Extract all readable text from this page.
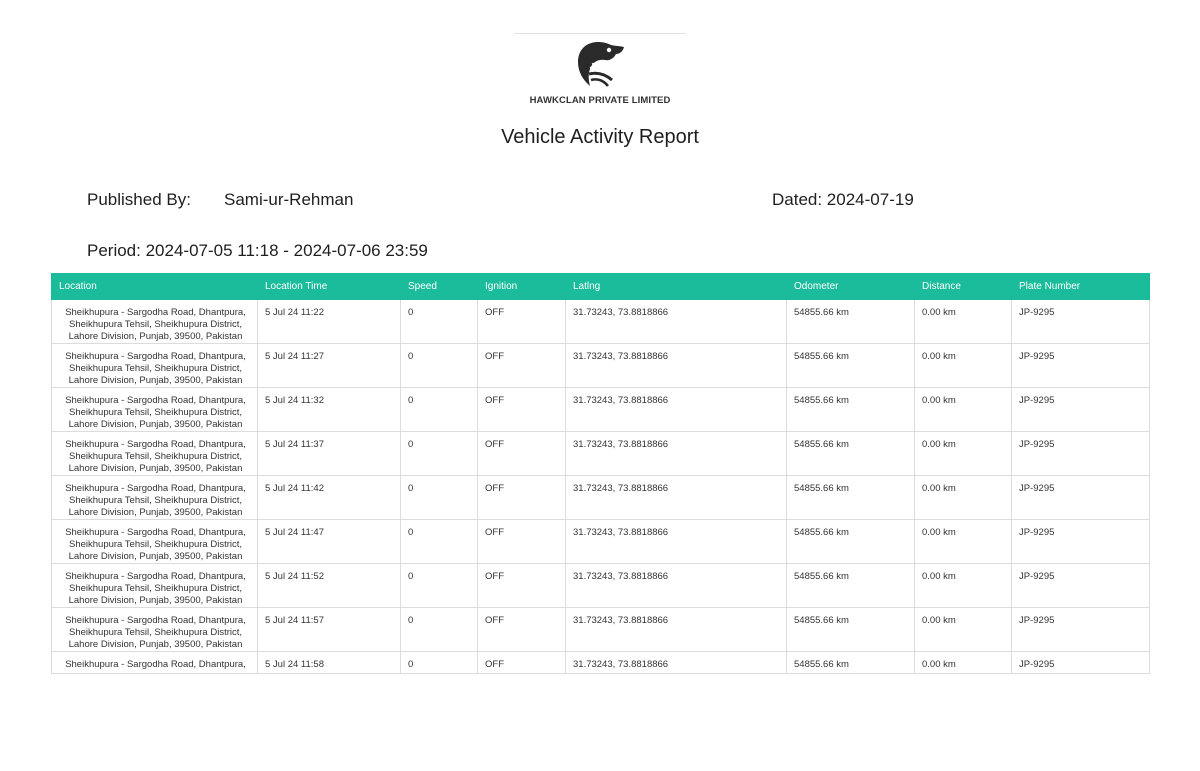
HAWKCLAN PRIVATE LIMITED
Vehicle Activity Report
Published By: Sami-ur-Rehman	Dated: 2024-07-19
Period: 2024-07-05 11:18 - 2024-07-06 23:59
Location	Location Time	Speed	Ignition	Latlng	Odometer	Distance	Plate Number
Sheikhupura - Sargodha Road, Dhantpura, Sheikhupura Tehsil, Sheikhupura District, Lahore Division, Punjab, 39500, Pakistan	5 Jul 24 11:22	0	OFF	31.73243, 73.8818866	54855.66 km	0.00 km	JP-9295
Sheikhupura - Sargodha Road, Dhantpura, Sheikhupura Tehsil, Sheikhupura District, Lahore Division, Punjab, 39500, Pakistan	5 Jul 24 11:27	0	OFF	31.73243, 73.8818866	54855.66 km	0.00 km	JP-9295
Sheikhupura - Sargodha Road, Dhantpura, Sheikhupura Tehsil, Sheikhupura District, Lahore Division, Punjab, 39500, Pakistan	5 Jul 24 11:32	0	OFF	31.73243, 73.8818866	54855.66 km	0.00 km	JP-9295
Sheikhupura - Sargodha Road, Dhantpura, Sheikhupura Tehsil, Sheikhupura District, Lahore Division, Punjab, 39500, Pakistan	5 Jul 24 11:37	0	OFF	31.73243, 73.8818866	54855.66 km	0.00 km	JP-9295
Sheikhupura - Sargodha Road, Dhantpura, Sheikhupura Tehsil, Sheikhupura District, Lahore Division, Punjab, 39500, Pakistan	5 Jul 24 11:42	0	OFF	31.73243, 73.8818866	54855.66 km	0.00 km	JP-9295
Sheikhupura - Sargodha Road, Dhantpura, Sheikhupura Tehsil, Sheikhupura District, Lahore Division, Punjab, 39500, Pakistan	5 Jul 24 11:47	0	OFF	31.73243, 73.8818866	54855.66 km	0.00 km	JP-9295
Sheikhupura - Sargodha Road, Dhantpura, Sheikhupura Tehsil, Sheikhupura District, Lahore Division, Punjab, 39500, Pakistan	5 Jul 24 11:52	0	OFF	31.73243, 73.8818866	54855.66 km	0.00 km	JP-9295
Sheikhupura - Sargodha Road, Dhantpura, Sheikhupura Tehsil, Sheikhupura District, Lahore Division, Punjab, 39500, Pakistan	5 Jul 24 11:57	0	OFF	31.73243, 73.8818866	54855.66 km	0.00 km	JP-9295
Sheikhupura - Sargodha Road, Dhantpura,	5 Jul 24 11:58	0	OFF	31.73243, 73.8818866	54855.66 km	0.00 km	JP-9295
